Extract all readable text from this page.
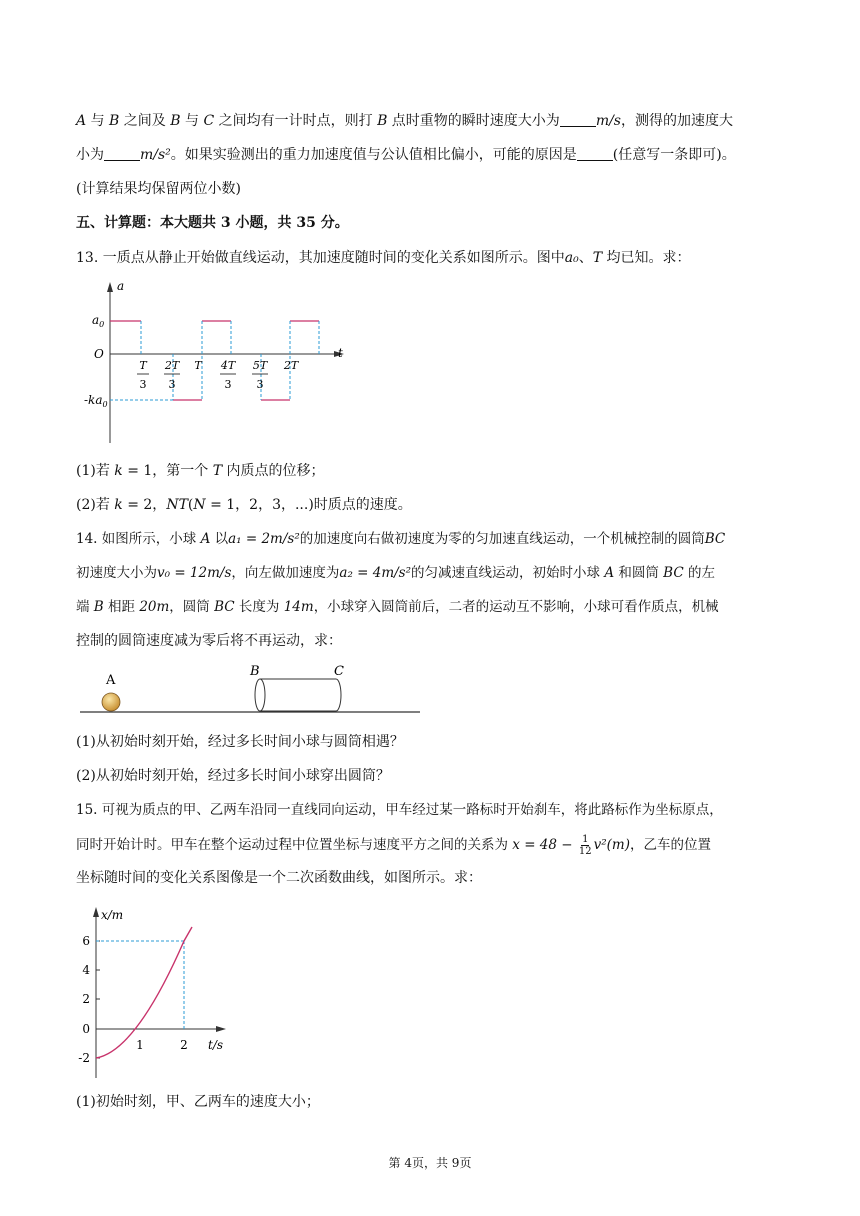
A 与 B 之间及 B 与 C 之间均有一计时点，则打 B 点时重物的瞬时速度大小为	m/s，测得的加速度大
小为	m/s²。如果实验测出的重力加速度值与公认值相比偏小，可能的原因是	(任意写一条即可)。
(计算结果均保留两位小数)
五、计算题：本大题共 3 小题，共 35 分。
13. 一质点从静止开始做直线运动，其加速度随时间的变化关系如图所示。图中a₀、T 均已知。求：
a
t
O
$a_0$
$-ka_0$
T
3
2T
3
T 4T
3
5T
3
2T
(1)若 k = 1，第一个 T 内质点的位移；
(2)若 k = 2，NT(N = 1，2，3，...)时质点的速度。
14. 如图所示，小球 A 以a₁ = 2m/s²的加速度向右做初速度为零的匀加速直线运动，一个机械控制的圆筒BC
初速度大小为v₀ = 12m/s，向左做加速度为a₂ = 4m/s²的匀减速直线运动，初始时小球 A 和圆筒 BC 的左
端 B 相距 20m，圆筒 BC 长度为 14m，小球穿入圆筒前后，二者的运动互不影响，小球可看作质点，机械
控制的圆筒速度减为零后将不再运动，求：
A
B	C
(1)从初始时刻开始，经过多长时间小球与圆筒相遇？
(2)从初始时刻开始，经过多长时间小球穿出圆筒？
15. 可视为质点的甲、乙两车沿同一直线同向运动，甲车经过某一路标时开始刹车，将此路标作为坐标原点，
同时开始计时。甲车在整个运动过程中位置坐标与速度平方之间的关系为 $x = 48 - \frac{1}{12} v^2(m)$，乙车的位置
坐标随时间的变化关系图像是一个二次函数曲线，如图所示。求：
x/m
t/s
6
4
2
0
-2
1	2
(1)初始时刻，甲、乙两车的速度大小；
第 4页，共 9页
